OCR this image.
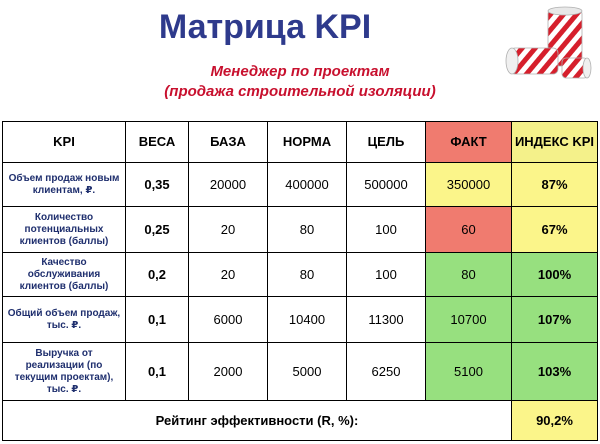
Матрица KPI
Менеджер по проектам
(продажа строительной изоляции)
KPI	ВЕСА	БАЗА	НОРМА	ЦЕЛЬ	ФАКТ	ИНДЕКС KPI
Объем продаж новым клиентам, ₽.	0,35	20000	400000	500000	350000	87%
Количество потенциальных клиентов (баллы)	0,25	20	80	100	60	67%
Качество обслуживания клиентов (баллы)	0,2	20	80	100	80	100%
Общий объем продаж, тыс. ₽.	0,1	6000	10400	11300	10700	107%
Выручка от реализации (по текущим проектам), тыс. ₽.	0,1	2000	5000	6250	5100	103%
Рейтинг эффективности (R, %):						90,2%
